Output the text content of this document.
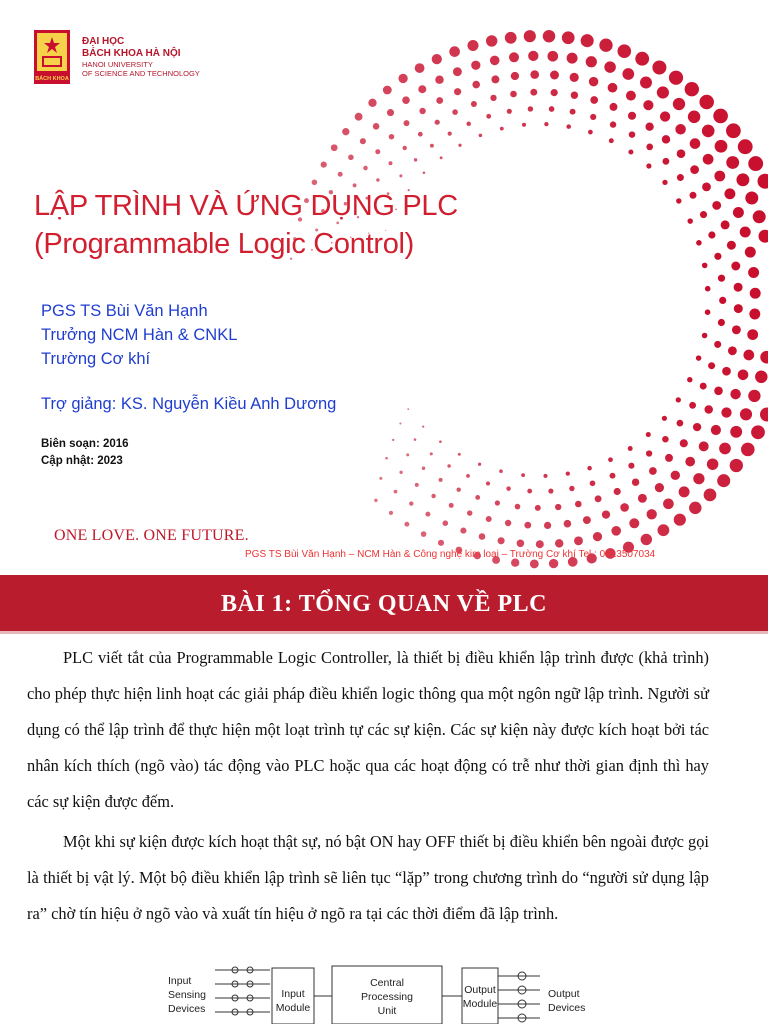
BÁCH KHOA
ĐẠI HỌC
BÁCH KHOA HÀ NỘI
HANOI UNIVERSITY
OF SCIENCE AND TECHNOLOGY
LẬP TRÌNH VÀ ỨNG DỤNG PLC
(Programmable Logic Control)
PGS TS Bùi Văn Hạnh
Trưởng NCM Hàn & CNKL
Trường Cơ khí
Trợ giảng: KS. Nguyễn Kiều Anh Dương
Biên soạn: 2016
Cập nhật: 2023
ONE LOVE. ONE FUTURE.
PGS TS Bùi Văn Hạnh – NCM Hàn & Công nghệ kim loại – Trường Cơ khí Tel.: 0913507034
BÀI 1: TỔNG QUAN VỀ PLC

PLC viết tắt của Programmable Logic Controller, là thiết bị điều khiển lập trình được (khả trình) cho phép thực hiện linh hoạt các giải pháp điều khiển logic thông qua một ngôn ngữ lập trình. Người sử dụng có thể lập trình để thực hiện một loạt trình tự các sự kiện. Các sự kiện này được kích hoạt bởi tác nhân kích thích (ngõ vào) tác động vào PLC hoặc qua các hoạt động có trễ như thời gian định thì hay các sự kiện được đếm.

Một khi sự kiện được kích hoạt thật sự, nó bật ON hay OFF thiết bị điều khiển bên ngoài được gọi là thiết bị vật lý. Một bộ điều khiển lập trình sẽ liên tục “lặp” trong chương trình do “người sử dụng lập ra” chờ tín hiệu ở ngõ vào và xuất tín hiệu ở ngõ ra tại các thời điểm đã lập trình.

Input
Sensing
Devices
Input
Module
Central
Processing
Unit
Output
Module
Output
Devices
